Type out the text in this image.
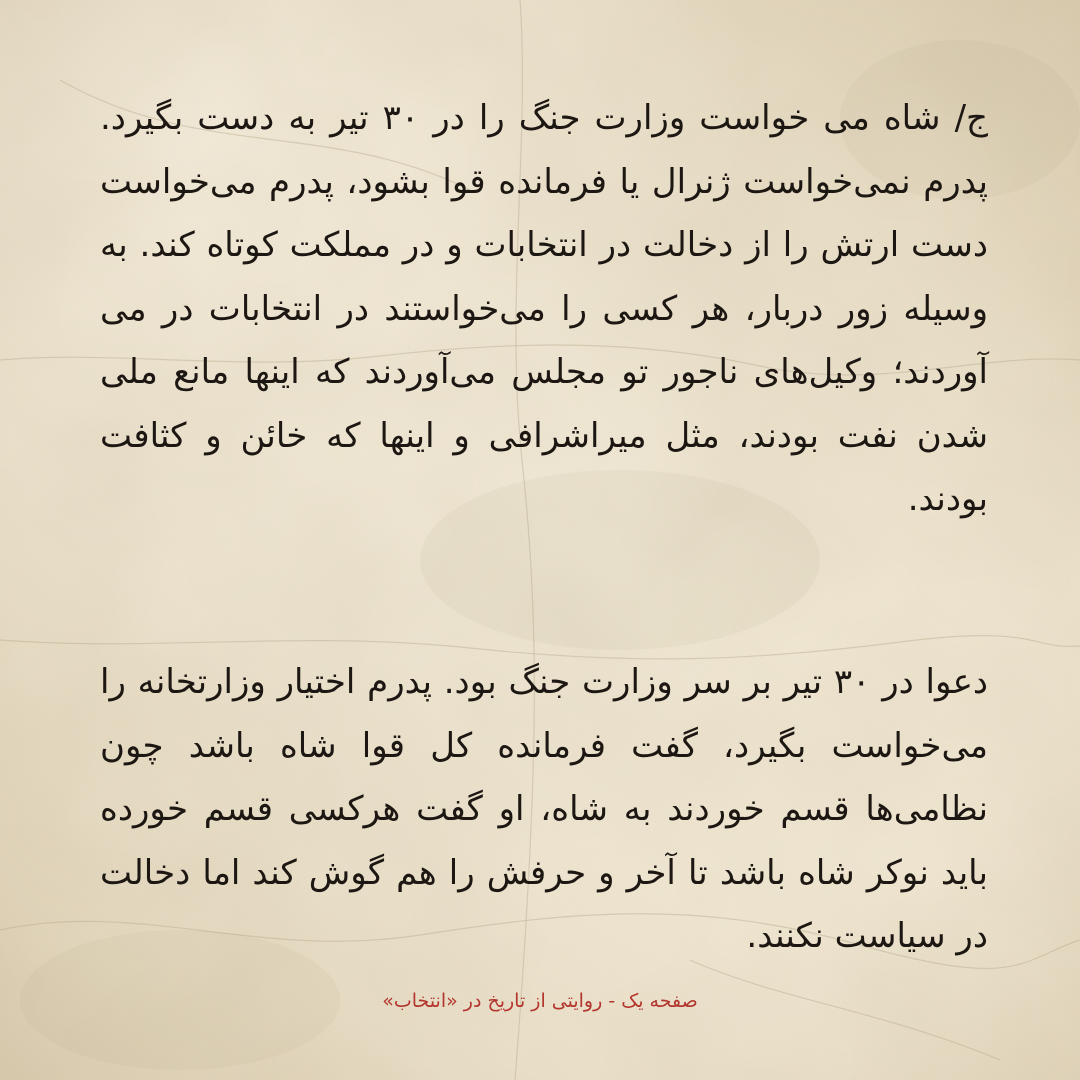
ج/ شاه می خواست وزارت جنگ را در ۳۰ تیر به دست بگیرد. پدرم نمی‌خواست ژنرال یا فرمانده قوا بشود، پدرم می‌خواست دست ارتش را از دخالت در انتخابات و در مملکت کوتاه کند. به وسیله زور دربار، هر کسی را می‌خواستند در انتخابات در می آوردند؛ وکیل‌های ناجور تو مجلس می‌آوردند که اینها مانع ملی شدن نفت بودند، مثل میراشرافی و اینها که خائن و کثافت بودند.

دعوا در ۳۰ تیر بر سر وزارت جنگ بود. پدرم اختیار وزارتخانه را می‌خواست بگیرد، گفت فرمانده کل قوا شاه باشد چون نظامی‌ها قسم خوردند به شاه، او گفت هرکسی قسم خورده باید نوکر شاه باشد تا آخر و حرفش را هم گوش کند اما دخالت در سیاست نکنند.

صفحه یک - روایتی از تاریخ در «انتخاب»
